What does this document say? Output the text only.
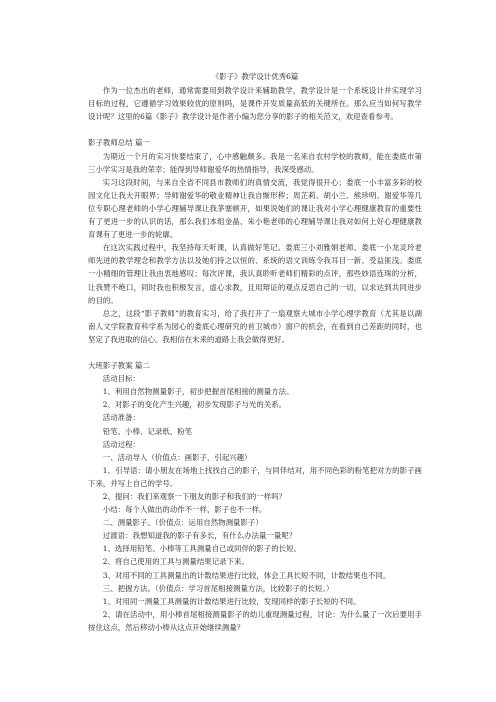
《影子》教学设计优秀6篇

作为一位杰出的老师，通常需要用到教学设计来辅助教学，教学设计是一个系统设计并实现学习目标的过程，它遵循学习效果较优的原则吗，是课件开发质量高低的关键所在。那么应当如何写教学设计呢？这里的6篇《影子》教学设计是作者小编为您分享的影子的相关范文，欢迎查看参考。

影子教师总结 篇一

为期近一个月的实习快要结束了，心中感触颇多。我是一名来自农村学校的教师，能在娄底市第三小学实习是我的荣幸；能得到导师谢爱华的热情指导，我深受感动。

实习这段时间，与来自全省不同县市教师们的真情交流，我觉得很开心；娄底一小丰富多彩的校园文化让我大开眼界；导师谢爱华的敬业精神让我自惭形秽；周芷莉、胡小兰、熊珍明、谢爱华等几位专职心理老师的小学心理辅导课让我茅塞顿开，如果说她们的课让我对小学心理健康教育的重要性有了更进一步的认识的话，那么我们本组金晶、朱小艳老师的心理辅导课让我对如何上好心理健康教育课有了更进一步的轮廓。

在这次实践过程中，我坚持每天听课，认真做好笔记。娄底三小刘雅娟老师、娄底一小龙灵玲老师先进的教学理念和教学方法以及她们持之以恒的、系统的语文训练令我耳目一新、受益匪浅。娄底一小精细的管理让我由衷地感叹；每次评课，我认真聆听老师们精彩的点评，那些妙语连珠的分析，让我赞不绝口，同时我也积极发言，虚心求教，且用辩证的观点反思自己的一切，以求达到共同进步的目的。

总之，这段“影子教师”的教育实习，给了我打开了一扇观察大城市小学心理学教育（尤其是以湖南人文学院教育科学系为园心的娄底心理研究的首卫城市）窗户的机会，在看到自己差距的同时，也坚定了我进取的信心。我相信在未来的道路上我会做得更好。

大班影子教案 篇二

活动目标：

1、利用自然物测量影子，初步把握首尾相接的测量方法。

2、对影子的变化产生兴趣，初步发现影子与光的关系。

活动准备：

铅笔、小棒、记录纸、粉笔

活动过程：

一、活动导入（价值点：画影子，引起兴趣）

1、引导语：请小朋友在场地上找找自己的影子，与同伴结对，用不同色彩的粉笔把对方的影子画下来，并写上自己的学号。

2、提问：我们来观察一下朋友的影子和我们的一样吗？

小结：每个人做出的动作不一样，影子也不一样。

二、测量影子。（价值点：运用自然物测量影子）

过渡语：我想知道我的影子有多长，有什么办法量一量呢？

1、选择用铅笔、小棒等工具测量自己或同伴的影子的长短。

2、将自己使用的工具与测量结果记录下来。

3、对用不同的工具测量出的计数结果进行比较，体会工具长短不同，计数结果也不同。

三、把握方法。（价值点：学习首尾相接测量方法，比较影子的长短。）

1、对用同一测量工具测量的计数结果进行比较，发现同样的影子长短的不同。

2、请在活动中，用小棒首尾相接测量影子的幼儿重现测量过程，讨论：为什么量了一次后要用手按住这点，然后移动小棒从这点开始继续测量？
